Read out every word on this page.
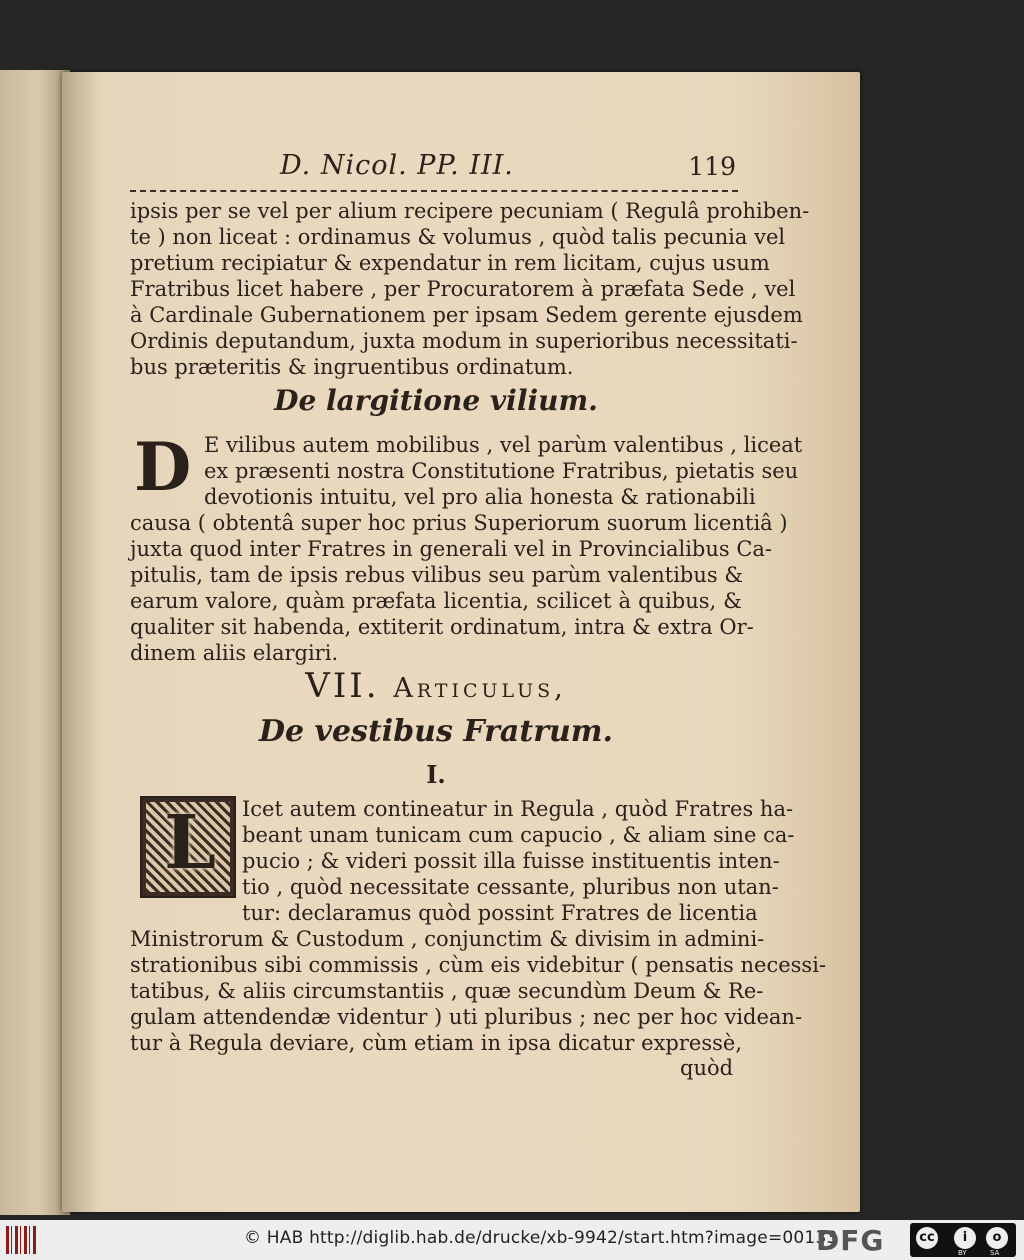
D. Nicol. PP. III.	119
ipsis per se vel per alium recipere pecuniam ( Regulâ prohiben-
te ) non liceat : ordinamus & volumus , quòd talis pecunia vel
pretium recipiatur & expendatur in rem licitam, cujus usum
Fratribus licet habere , per Procuratorem à præfata Sede , vel
à Cardinale Gubernationem per ipsam Sedem gerente ejusdem
Ordinis deputandum, juxta modum in superioribus necessitati-
bus præteritis & ingruentibus ordinatum.
De largitione vilium.
D E vilibus autem mobilibus , vel parùm valentibus , liceat
ex præsenti nostra Constitutione Fratribus, pietatis seu
devotionis intuitu, vel pro alia honesta & rationabili
causa ( obtentâ super hoc prius Superiorum suorum licentiâ )
juxta quod inter Fratres in generali vel in Provincialibus Ca-
pitulis, tam de ipsis rebus vilibus seu parùm valentibus &
earum valore, quàm præfata licentia, scilicet à quibus, &
qualiter sit habenda, extiterit ordinatum, intra & extra Or-
dinem aliis elargiri.
VII. Articulus,
De vestibus Fratrum.
I.
L Icet autem contineatur in Regula , quòd Fratres ha-
beant unam tunicam cum capucio , & aliam sine ca-
pucio ; & videri possit illa fuisse instituentis inten-
tio , quòd necessitate cessante, pluribus non utan-
tur: declaramus quòd possint Fratres de licentia
Ministrorum & Custodum , conjunctim & divisim in admini-
strationibus sibi commissis , cùm eis videbitur ( pensatis necessi-
tatibus, & aliis circumstantiis , quæ secundùm Deum & Re-
gulam attendendæ videntur ) uti pluribus ; nec per hoc videan-
tur à Regula deviare, cùm etiam in ipsa dicatur expressè,
quòd
© HAB http://diglib.hab.de/drucke/xb-9942/start.htm?image=00133
DFG	cc	i	o
BY	SA
